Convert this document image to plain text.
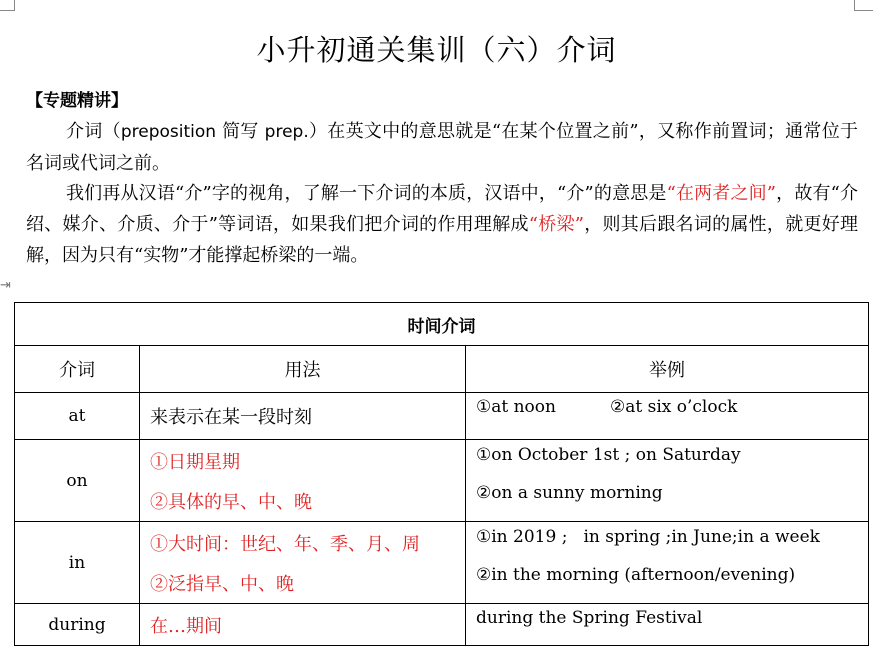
⇥
小升初通关集训（六）介词
【专题精讲】

介词（preposition 简写 prep.）在英文中的意思就是“在某个位置之前”，又称作前置词；通常位于名词或代词之前。

我们再从汉语“介”字的视角，了解一下介词的本质，汉语中，“介”的意思是“在两者之间”，故有“介绍、媒介、介质、介于”等词语，如果我们把介词的作用理解成“桥梁”，则其后跟名词的属性，就更好理解，因为只有“实物”才能撑起桥梁的一端。

时间介词		
介词	用法	举例
at	来表示在某一段时刻	①at noon ②at six o’clock
on	①日期星期
②具体的早、中、晚	①on October 1st ; on Saturday
②on a sunny morning

in	①大时间：世纪、年、季、月、周
②泛指早、中、晚	①in 2019 ; in spring ;in June;in a week
②in the morning (afternoon/evening)

during	在…期间	during the Spring Festival
